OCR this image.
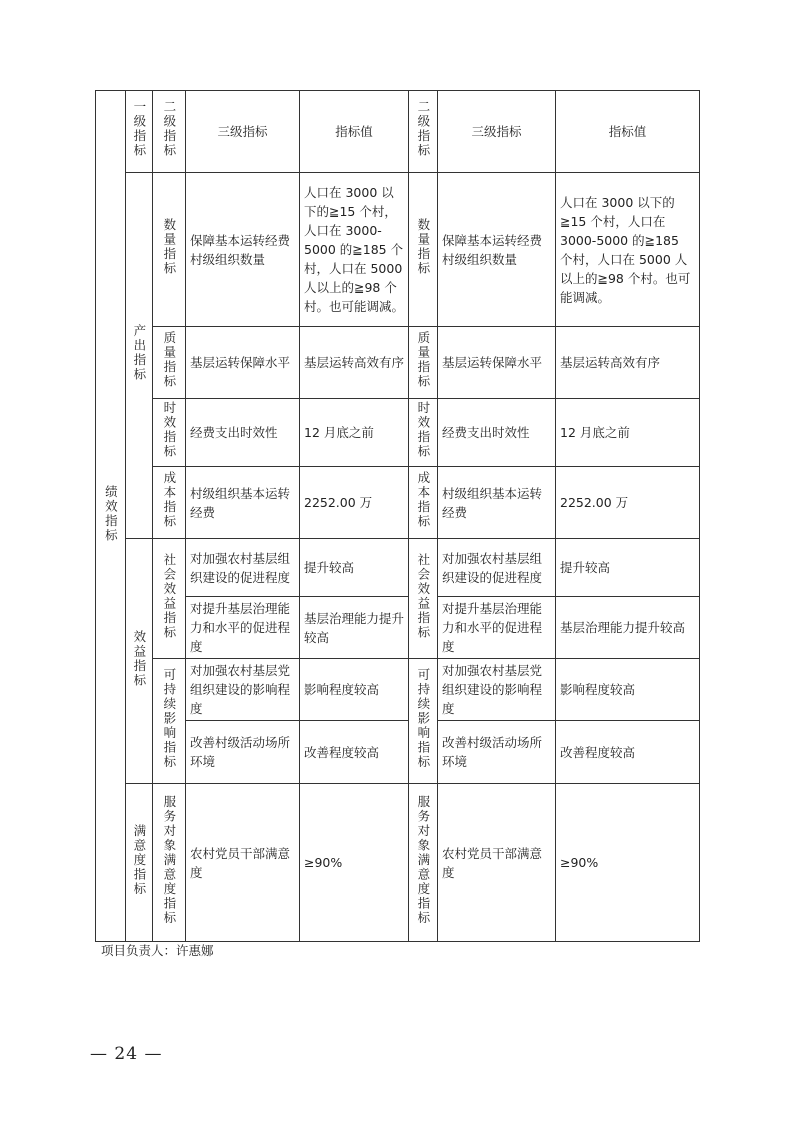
绩效指标	一级指标	二级指标	三级指标	指标值	二级指标	三级指标	指标值
	产出指标	数量指标	保障基本运转经费村级组织数量	人口在 3000 以下的≧15 个村，人口在 3000-5000 的≧185 个村，人口在 5000 人以上的≧98 个村。也可能调减。	数量指标	保障基本运转经费村级组织数量	人口在 3000 以下的≧15 个村，人口在 3000-5000 的≧185 个村，人口在 5000 人以上的≧98 个村。也可能调减。
		质量指标	基层运转保障水平	基层运转高效有序	质量指标	基层运转保障水平	基层运转高效有序
		时效指标	经费支出时效性	12 月底之前	时效指标	经费支出时效性	12 月底之前
		成本指标	村级组织基本运转经费	2252.00 万	成本指标	村级组织基本运转经费	2252.00 万
	效益指标	社会效益指标	对加强农村基层组织建设的促进程度	提升较高	社会效益指标	对加强农村基层组织建设的促进程度	提升较高
			对提升基层治理能力和水平的促进程度	基层治理能力提升较高		对提升基层治理能力和水平的促进程度	基层治理能力提升较高
		可持续影响指标	对加强农村基层党组织建设的影响程度	影响程度较高	可持续影响指标	对加强农村基层党组织建设的影响程度	影响程度较高
			改善村级活动场所环境	改善程度较高		改善村级活动场所环境	改善程度较高
	满意度指标	服务对象满意度指标	农村党员干部满意度	≥90%	服务对象满意度指标	农村党员干部满意度	≥90%
项目负责人：许惠娜
— 24 —
